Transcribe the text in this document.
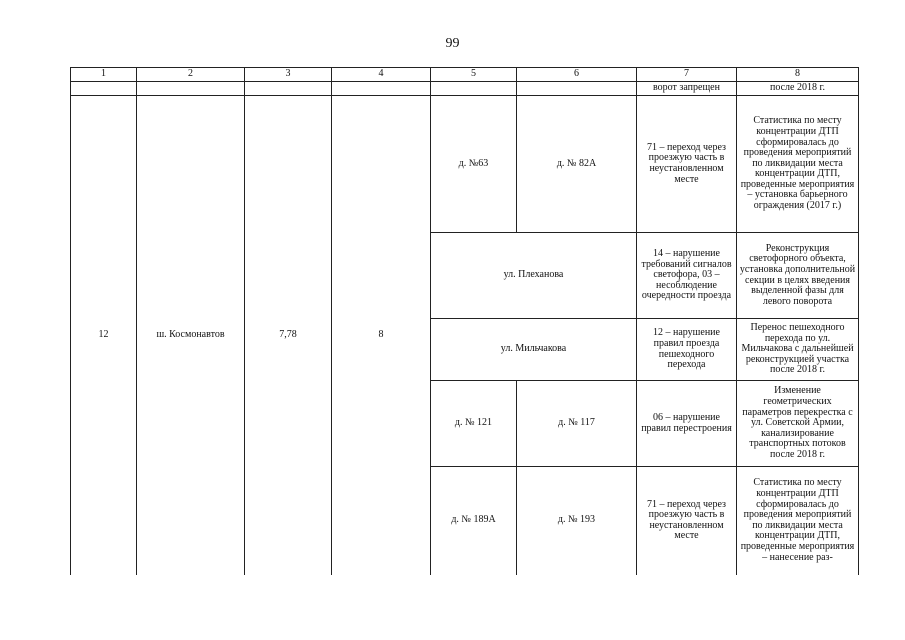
99
1	2	3	4	5	6	7	8
						ворот запрещен	после 2018 г.
12	ш. Космонавтов	7,78	8	д. №63	д. № 82А	71 – переход через проезжую часть в неустановленном месте	Статистика по месту концентрации ДТП сформировалась до проведения мероприятий по ликвидации места концентрации ДТП, проведенные мероприятия – установка барьерного ограждения (2017 г.)
				ул. Плеханова		14 – нарушение требований сигналов светофора, 03 – несоблюдение очередности проезда	Реконструкция светофорного объекта, установка дополнительной секции в целях введения выделенной фазы для левого поворота
				ул. Мильчакова		12 – нарушение правил проезда пешеходного перехода	Перенос пешеходного перехода по ул. Мильчакова с дальнейшей реконструкцией участка после 2018 г.
				д. № 121	д. № 117	06 – нарушение правил перестроения	Изменение геометрических параметров перекрестка с ул. Советской Армии, канализирование транспортных потоков после 2018 г.
				д. № 189А	д. № 193	71 – переход через проезжую часть в неустановленном месте	Статистика по месту концентрации ДТП сформировалась до проведения мероприятий по ликвидации места концентрации ДТП, проведенные мероприятия – нанесение раз-
